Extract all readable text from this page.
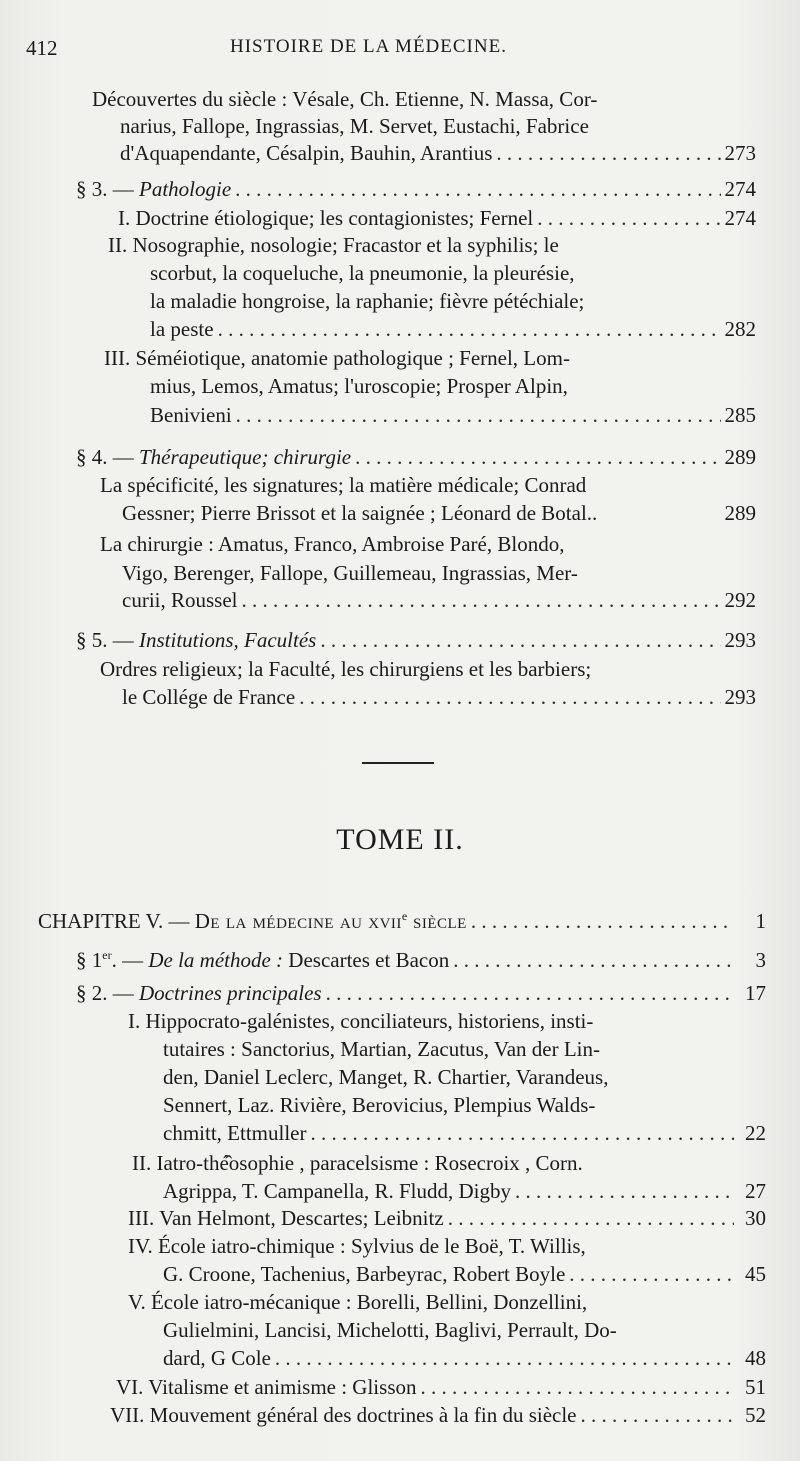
412	HISTOIRE DE LA MÉDECINE.
Découvertes du siècle : Vésale, Ch. Etienne, N. Massa, Cor-
narius, Fallope, Ingrassias, M. Servet, Eustachi, Fabrice
d'Aquapendante, Césalpin, Bauhin, Arantius . . .	273
§ 3. — Pathologie . . .	274
I. Doctrine étiologique; les contagionistes; Fernel . . .	274
II. Nosographie, nosologie; Fracastor et la syphilis; le
scorbut, la coqueluche, la pneumonie, la pleurésie,
la maladie hongroise, la raphanie; fièvre pétéchiale;
la peste . . .	282
III. Séméiotique, anatomie pathologique ; Fernel, Lom-
mius, Lemos, Amatus; l'uroscopie; Prosper Alpin,
Benivieni . . .	285
§ 4. — Thérapeutique; chirurgie . . .	289
La spécificité, les signatures; la matière médicale; Conrad
Gessner; Pierre Brissot et la saignée ; Léonard de Botal..	289
La chirurgie : Amatus, Franco, Ambroise Paré, Blondo,
Vigo, Berenger, Fallope, Guillemeau, Ingrassias, Mer-
curii, Roussel . . .	292
§ 5. — Institutions, Facultés . . .	293
Ordres religieux; la Faculté, les chirurgiens et les barbiers;
le Collége de France . . .	293
TOME II.
CHAPITRE V. — De la médecine au xvii$^e$ siècle . . .	1
§ 1er. — De la méthode : Descartes et Bacon . . .	3
§ 2. — Doctrines principales . . .	17
I. Hippocrato-galénistes, conciliateurs, historiens, insti-
tutaires : Sanctorius, Martian, Zacutus, Van der Lin-
den, Daniel Leclerc, Manget, R. Chartier, Varandeus,
Sennert, Laz. Rivière, Berovicius, Plempius Walds-
chmitt, Ettmuller . . .	22
II. Iatro-thé̂osophie , paracelsisme : Rosecroix , Corn.
Agrippa, T. Campanella, R. Fludd, Digby . . .	27
III. Van Helmont, Descartes; Leibnitz . . .	30
IV. École iatro-chimique : Sylvius de le Boë, T. Willis,
G. Croone, Tachenius, Barbeyrac, Robert Boyle . . .	45
V. École iatro-mécanique : Borelli, Bellini, Donzellini,
Gulielmini, Lancisi, Michelotti, Baglivi, Perrault, Do-
dard, G Cole . . .	48
VI. Vitalisme et animisme : Glisson . . .	51
VII. Mouvement général des doctrines à la fin du siècle . . .	52
